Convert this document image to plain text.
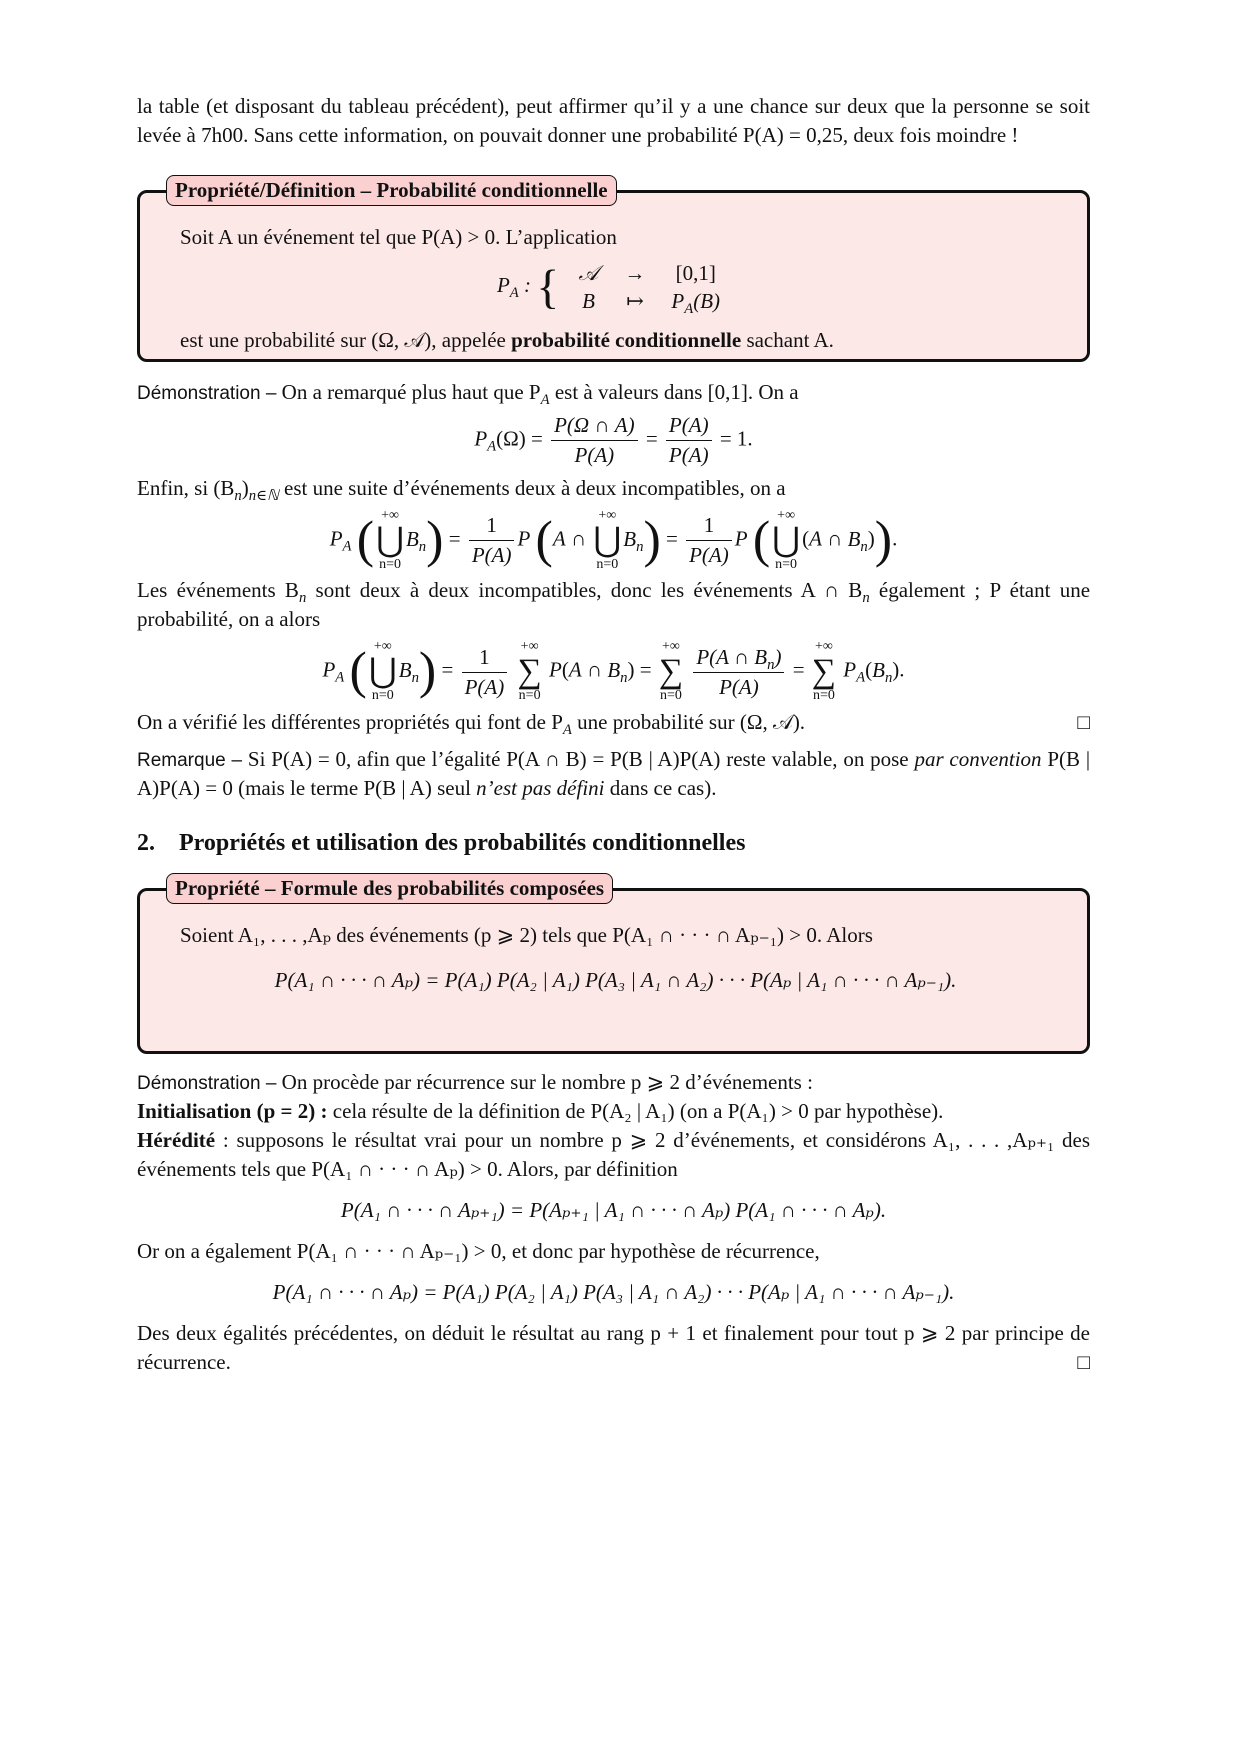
la table (et disposant du tableau précédent), peut affirmer qu’il y a une chance sur deux que la personne se soit levée à 7h00. Sans cette information, on pouvait donner une probabilité P(A) = 0,25, deux fois moindre !

Propriété/Définition – Probabilité conditionnelle

Soit A un événement tel que P(A) > 0. L’application

$P_A$ : { 𝒜	→	[0,1]
B	↦	$P_A(B)$

est une probabilité sur (Ω, 𝒜), appelée probabilité conditionnelle sachant A.

Démonstration – On a remarqué plus haut que $P_A$ est à valeurs dans [0,1]. On a

$P_A(\Omega) = \frac{P(\Omega \cap A)}{P(A)} = \frac{P(A)}{P(A)} = 1$.

Enfin, si $(B_n)_{n\in ℕ}$ est une suite d’événements deux à deux incompatibles, on a

$P_A$ ( +∞
⋃
n=0
$B_n) = \frac{1}{P(A)}$ P (A ∩
+∞
⋃
n=0
$B_n) = \frac{1}{P(A)}$ P ( +∞
⋃
n=0
(A ∩ $B_n$)).

Les événements $B_n$ sont deux à deux incompatibles, donc les événements A ∩ $B_n$ également ; P étant une probabilité, on a alors

$P_A$ ( +∞
⋃
n=0
$B_n) = \frac{1}{P(A)}$
+∞
∑
n=0
P(A ∩ $B_n$) =
+∞
∑
n=0
$\frac{P(A \cap B_n)}{P(A)}$ =
+∞
∑
n=0
$P_A(B_n)$.

On a vérifié les différentes propriétés qui font de $P_A$ une probabilité sur (Ω, 𝒜).	□

Remarque – Si P(A) = 0, afin que l’égalité P(A ∩ B) = P(B | A)P(A) reste valable, on pose par convention P(B | A)P(A) = 0 (mais le terme P(B | A) seul n’est pas défini dans ce cas).

2. Propriétés et utilisation des probabilités conditionnelles
Propriété – Formule des probabilités composées

Soient A₁, . . . ,Aₚ des événements (p ⩾ 2) tels que P(A₁ ∩ · · · ∩ Aₚ₋₁) > 0. Alors

P(A₁ ∩ · · · ∩ Aₚ) = P(A₁) P(A₂ | A₁) P(A₃ | A₁ ∩ A₂) · · · P(Aₚ | A₁ ∩ · · · ∩ Aₚ₋₁).

Démonstration – On procède par récurrence sur le nombre p ⩾ 2 d’événements :

Initialisation (p = 2) : cela résulte de la définition de P(A₂ | A₁) (on a P(A₁) > 0 par hypothèse).

Hérédité : supposons le résultat vrai pour un nombre p ⩾ 2 d’événements, et considérons A₁, . . . ,Aₚ₊₁ des événements tels que P(A₁ ∩ · · · ∩ Aₚ) > 0. Alors, par définition

P(A₁ ∩ · · · ∩ Aₚ₊₁) = P(Aₚ₊₁ | A₁ ∩ · · · ∩ Aₚ) P(A₁ ∩ · · · ∩ Aₚ).

Or on a également P(A₁ ∩ · · · ∩ Aₚ₋₁) > 0, et donc par hypothèse de récurrence,

P(A₁ ∩ · · · ∩ Aₚ) = P(A₁) P(A₂ | A₁) P(A₃ | A₁ ∩ A₂) · · · P(Aₚ | A₁ ∩ · · · ∩ Aₚ₋₁).

Des deux égalités précédentes, on déduit le résultat au rang p + 1 et finalement pour tout p ⩾ 2 par principe de récurrence.	□
